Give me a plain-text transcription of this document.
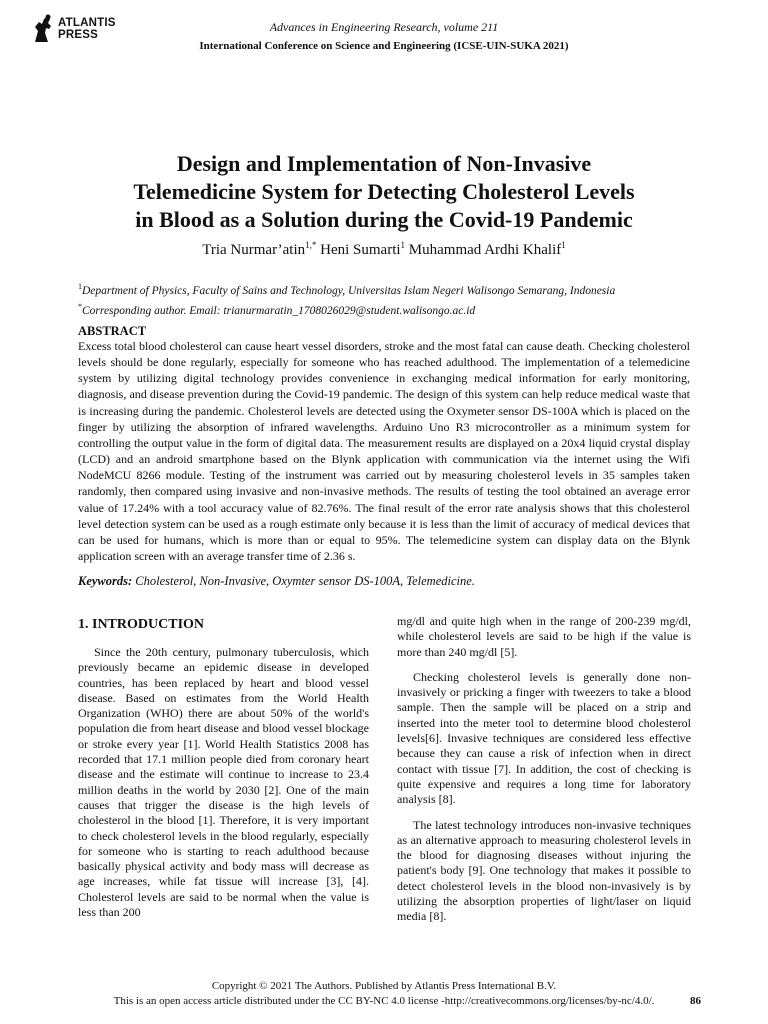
ATLANTIS
PRESS
Advances in Engineering Research, volume 211
International Conference on Science and Engineering (ICSE-UIN-SUKA 2021)
Design and Implementation of Non-Invasive
Telemedicine System for Detecting Cholesterol Levels
in Blood as a Solution during the Covid-19 Pandemic
Tria Nurmar’atin$^{1,*}$ Heni Sumarti$^1$ Muhammad Ardhi Khalif$^1$
$^1$Department of Physics, Faculty of Sains and Technology, Universitas Islam Negeri Walisongo Semarang, Indonesia
*Corresponding author. Email: trianurmaratin_1708026029@student.walisongo.ac.id
ABSTRACT
Excess total blood cholesterol can cause heart vessel disorders, stroke and the most fatal can cause death. Checking cholesterol levels should be done regularly, especially for someone who has reached adulthood. The implementation of a telemedicine system by utilizing digital technology provides convenience in exchanging medical information for early monitoring, diagnosis, and disease prevention during the Covid-19 pandemic. The design of this system can help reduce medical waste that is increasing during the pandemic. Cholesterol levels are detected using the Oxymeter sensor DS-100A which is placed on the finger by utilizing the absorption of infrared wavelengths. Arduino Uno R3 microcontroller as a minimum system for controlling the output value in the form of digital data. The measurement results are displayed on a 20x4 liquid crystal display (LCD) and an android smartphone based on the Blynk application with communication via the internet using the Wifi NodeMCU 8266 module. Testing of the instrument was carried out by measuring cholesterol levels in 35 samples taken randomly, then compared using invasive and non-invasive methods. The results of testing the tool obtained an average error value of 17.24% with a tool accuracy value of 82.76%. The final result of the error rate analysis shows that this cholesterol level detection system can be used as a rough estimate only because it is less than the limit of accuracy of medical devices that can be used for humans, which is more than or equal to 95%. The telemedicine system can display data on the Blynk application screen with an average transfer time of 2.36 s.
Keywords: Cholesterol, Non-Invasive, Oxymter sensor DS-100A, Telemedicine.
1. INTRODUCTION
Since the 20th century, pulmonary tuberculosis, which previously became an epidemic disease in developed countries, has been replaced by heart and blood vessel disease. Based on estimates from the World Health Organization (WHO) there are about 50% of the world's population die from heart disease and blood vessel blockage or stroke every year [1]. World Health Statistics 2008 has recorded that 17.1 million people died from coronary heart disease and the estimate will continue to increase to 23.4 million deaths in the world by 2030 [2]. One of the main causes that trigger the disease is the high levels of cholesterol in the blood [1]. Therefore, it is very important to check cholesterol levels in the blood regularly, especially for someone who is starting to reach adulthood because basically physical activity and body mass will decrease as age increases, while fat tissue will increase [3], [4]. Cholesterol levels are said to be normal when the value is less than 200

mg/dl and quite high when in the range of 200-239 mg/dl, while cholesterol levels are said to be high if the value is more than 240 mg/dl [5].

Checking cholesterol levels is generally done non-invasively or pricking a finger with tweezers to take a blood sample. Then the sample will be placed on a strip and inserted into the meter tool to determine blood cholesterol levels[6]. Invasive techniques are considered less effective because they can cause a risk of infection when in direct contact with tissue [7]. In addition, the cost of checking is quite expensive and requires a long time for laboratory analysis [8].

The latest technology introduces non-invasive techniques as an alternative approach to measuring cholesterol levels in the blood for diagnosing diseases without injuring the patient's body [9]. One technology that makes it possible to detect cholesterol levels in the blood non-invasively is by utilizing the absorption properties of light/laser on liquid media [8].

Copyright © 2021 The Authors. Published by Atlantis Press International B.V.
This is an open access article distributed under the CC BY-NC 4.0 license -http://creativecommons.org/licenses/by-nc/4.0/.	86
